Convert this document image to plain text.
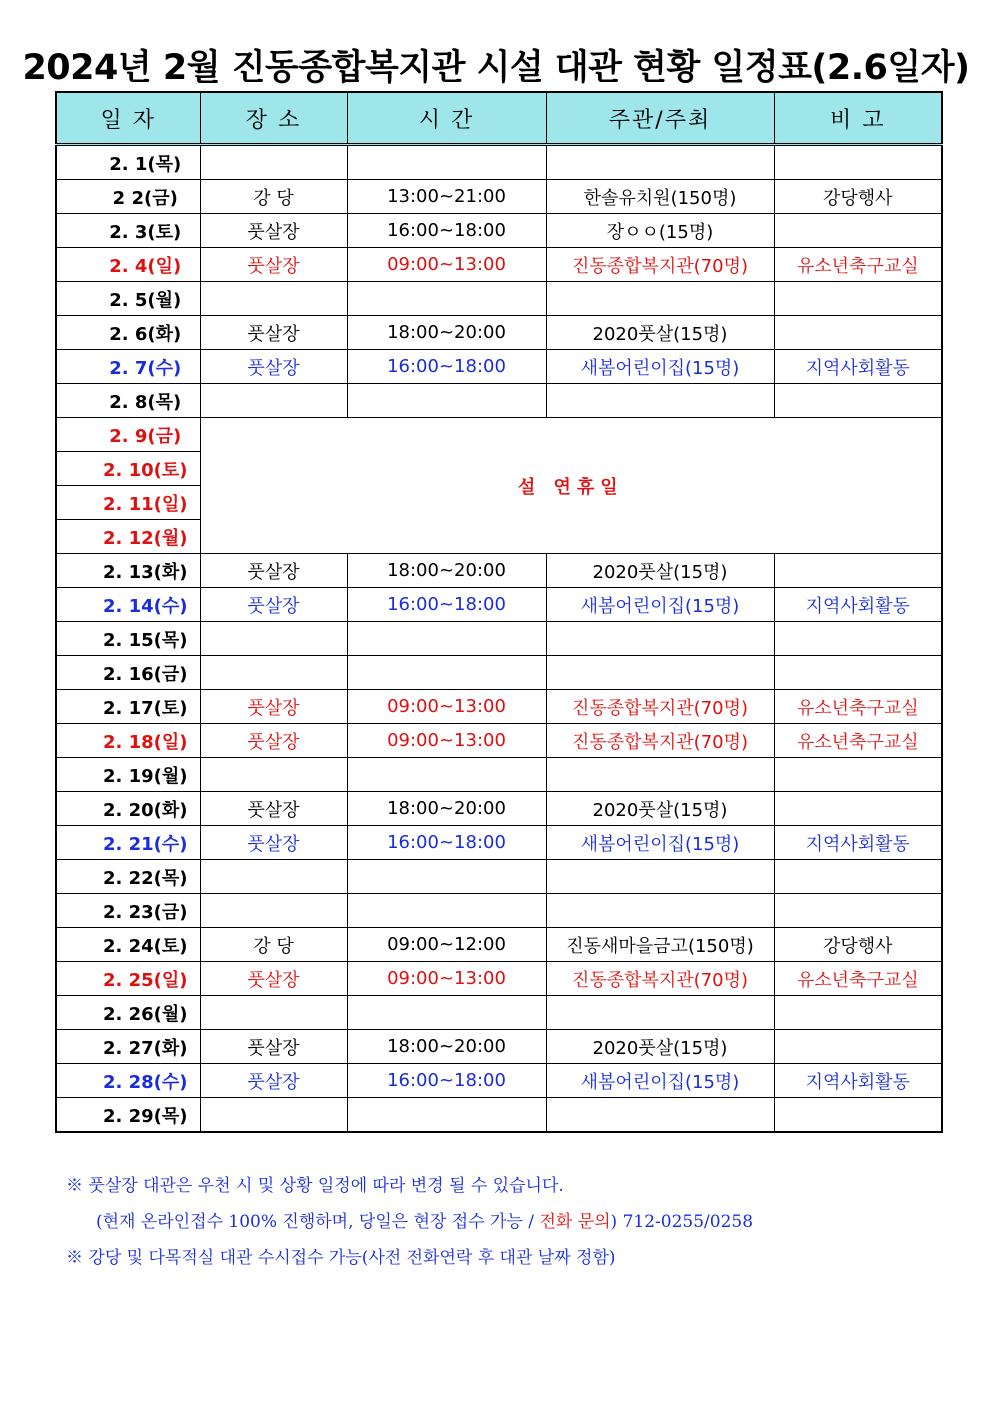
2024년 2월 진동종합복지관 시설 대관 현황 일정표(2.6일자)
일 자	장 소	시 간	주관/주최	비 고
2. 1(목)				
2 2(금)	강 당	13:00~21:00	한솔유치원(150명)	강당행사
2. 3(토)	풋살장	16:00~18:00	장ㅇㅇ(15명)	
2. 4(일)	풋살장	09:00~13:00	진동종합복지관(70명)	유소년축구교실
2. 5(월)				
2. 6(화)	풋살장	18:00~20:00	2020풋살(15명)	
2. 7(수)	풋살장	16:00~18:00	새봄어린이집(15명)	지역사회활동
2. 8(목)				
2. 9(금)	설 연휴일			
2. 10(토)				
2. 11(일)				
2. 12(월)				
2. 13(화)	풋살장	18:00~20:00	2020풋살(15명)	
2. 14(수)	풋살장	16:00~18:00	새봄어린이집(15명)	지역사회활동
2. 15(목)				
2. 16(금)				
2. 17(토)	풋살장	09:00~13:00	진동종합복지관(70명)	유소년축구교실
2. 18(일)	풋살장	09:00~13:00	진동종합복지관(70명)	유소년축구교실
2. 19(월)				
2. 20(화)	풋살장	18:00~20:00	2020풋살(15명)	
2. 21(수)	풋살장	16:00~18:00	새봄어린이집(15명)	지역사회활동
2. 22(목)				
2. 23(금)				
2. 24(토)	강 당	09:00~12:00	진동새마을금고(150명)	강당행사
2. 25(일)	풋살장	09:00~13:00	진동종합복지관(70명)	유소년축구교실
2. 26(월)				
2. 27(화)	풋살장	18:00~20:00	2020풋살(15명)	
2. 28(수)	풋살장	16:00~18:00	새봄어린이집(15명)	지역사회활동
2. 29(목)				
※ 풋살장 대관은 우천 시 및 상황 일정에 따라 변경 될 수 있습니다.
(현재 온라인접수 100% 진행하며, 당일은 현장 접수 가능 / 전화 문의) 712-0255/0258
※ 강당 및 다목적실 대관 수시접수 가능(사전 전화연락 후 대관 날짜 정함)
